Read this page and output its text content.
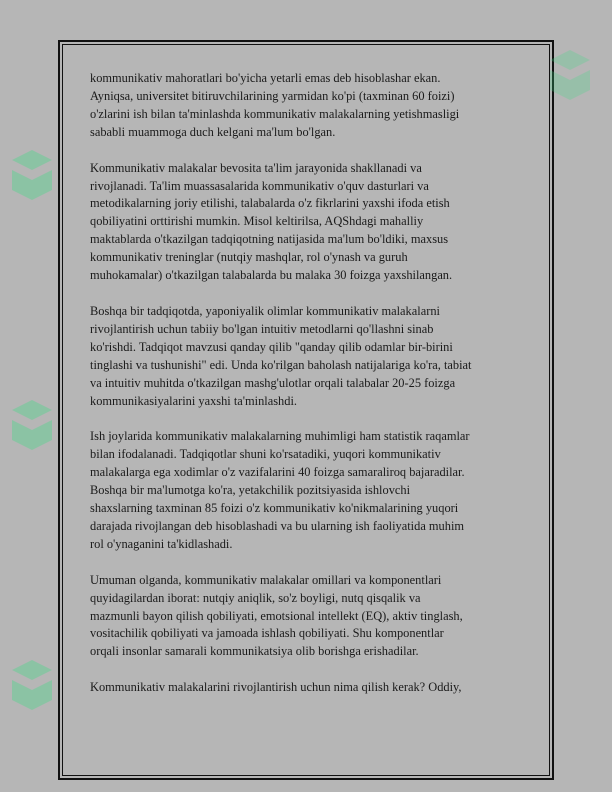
kommunikativ mahoratlari bo'yicha yetarli emas deb hisoblashar ekan.
Ayniqsa, universitet bitiruvchilarining yarmidan ko'pi (taxminan 60 foizi)
o'zlarini ish bilan ta'minlashda kommunikativ malakalarning yetishmasligi
sababli muammoga duch kelgani ma'lum bo'lgan.

Kommunikativ malakalar bevosita ta'lim jarayonida shakllanadi va
rivojlanadi. Ta'lim muassasalarida kommunikativ o'quv dasturlari va
metodikalarning joriy etilishi, talabalarda o'z fikrlarini yaxshi ifoda etish
qobiliyatini orttirishi mumkin. Misol keltirilsa, AQShdagi mahalliy
maktablarda o'tkazilgan tadqiqotning natijasida ma'lum bo'ldiki, maxsus
kommunikativ treninglar (nutqiy mashqlar, rol o'ynash va guruh
muhokamalar) o'tkazilgan talabalarda bu malaka 30 foizga yaxshilangan.

Boshqa bir tadqiqotda, yaponiyalik olimlar kommunikativ malakalarni
rivojlantirish uchun tabiiy bo'lgan intuitiv metodlarni qo'llashni sinab
ko'rishdi. Tadqiqot mavzusi qanday qilib "qanday qilib odamlar bir-birini
tinglashi va tushunishi" edi. Unda ko'rilgan baholash natijalariga ko'ra, tabiat
va intuitiv muhitda o'tkazilgan mashg'ulotlar orqali talabalar 20-25 foizga
kommunikasiyalarini yaxshi ta'minlashdi.

Ish joylarida kommunikativ malakalarning muhimligi ham statistik raqamlar
bilan ifodalanadi. Tadqiqotlar shuni ko'rsatadiki, yuqori kommunikativ
malakalarga ega xodimlar o'z vazifalarini 40 foizga samaraliroq bajaradilar.
Boshqa bir ma'lumotga ko'ra, yetakchilik pozitsiyasida ishlovchi
shaxslarning taxminan 85 foizi o'z kommunikativ ko'nikmalarining yuqori
darajada rivojlangan deb hisoblashadi va bu ularning ish faoliyatida muhim
rol o'ynaganini ta'kidlashadi.

Umuman olganda, kommunikativ malakalar omillari va komponentlari
quyidagilardan iborat: nutqiy aniqlik, so'z boyligi, nutq qisqalik va
mazmunli bayon qilish qobiliyati, emotsional intellekt (EQ), aktiv tinglash,
vositachilik qobiliyati va jamoada ishlash qobiliyati. Shu komponentlar
orqali insonlar samarali kommunikatsiya olib borishga erishadilar.

Kommunikativ malakalarini rivojlantirish uchun nima qilish kerak? Oddiy,
